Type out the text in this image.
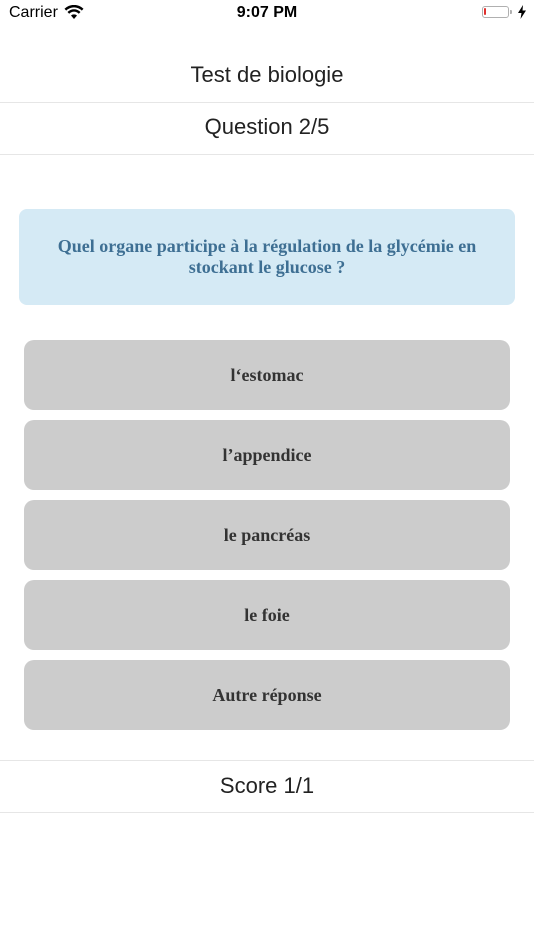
Carrier	9:07 PM
Test de biologie
Question 2/5
Quel organe participe à la régulation de la glycémie en stockant le glucose ?
l‘estomac
l’appendice
le pancréas
le foie
Autre réponse
Score 1/1
